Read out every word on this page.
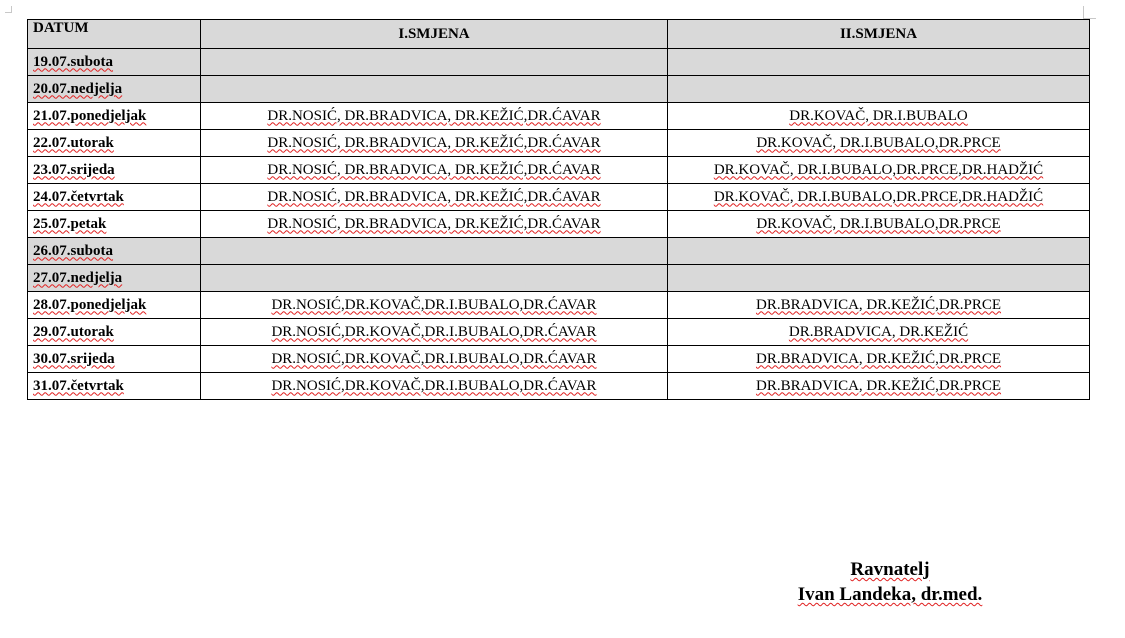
DATUM	I.SMJENA	II.SMJENA
19.07.subota		
20.07.nedjelja		
21.07.ponedjeljak	DR.NOSIĆ, DR.BRADVICA, DR.KEŽIĆ,DR.ĆAVAR	DR.KOVAČ, DR.I.BUBALO
22.07.utorak	DR.NOSIĆ, DR.BRADVICA, DR.KEŽIĆ,DR.ĆAVAR	DR.KOVAČ, DR.I.BUBALO,DR.PRCE
23.07.srijeda	DR.NOSIĆ, DR.BRADVICA, DR.KEŽIĆ,DR.ĆAVAR	DR.KOVAČ, DR.I.BUBALO,DR.PRCE,DR.HADŽIĆ
24.07.četvrtak	DR.NOSIĆ, DR.BRADVICA, DR.KEŽIĆ,DR.ĆAVAR	DR.KOVAČ, DR.I.BUBALO,DR.PRCE,DR.HADŽIĆ
25.07.petak	DR.NOSIĆ, DR.BRADVICA, DR.KEŽIĆ,DR.ĆAVAR	DR.KOVAČ, DR.I.BUBALO,DR.PRCE
26.07.subota		
27.07.nedjelja		
28.07.ponedjeljak	DR.NOSIĆ,DR.KOVAČ,DR.I.BUBALO,DR.ĆAVAR	DR.BRADVICA, DR.KEŽIĆ,DR.PRCE
29.07.utorak	DR.NOSIĆ,DR.KOVAČ,DR.I.BUBALO,DR.ĆAVAR	DR.BRADVICA, DR.KEŽIĆ
30.07.srijeda	DR.NOSIĆ,DR.KOVAČ,DR.I.BUBALO,DR.ĆAVAR	DR.BRADVICA, DR.KEŽIĆ,DR.PRCE
31.07.četvrtak	DR.NOSIĆ,DR.KOVAČ,DR.I.BUBALO,DR.ĆAVAR	DR.BRADVICA, DR.KEŽIĆ,DR.PRCE
Ravnatelj
Ivan Landeka, dr.med.
